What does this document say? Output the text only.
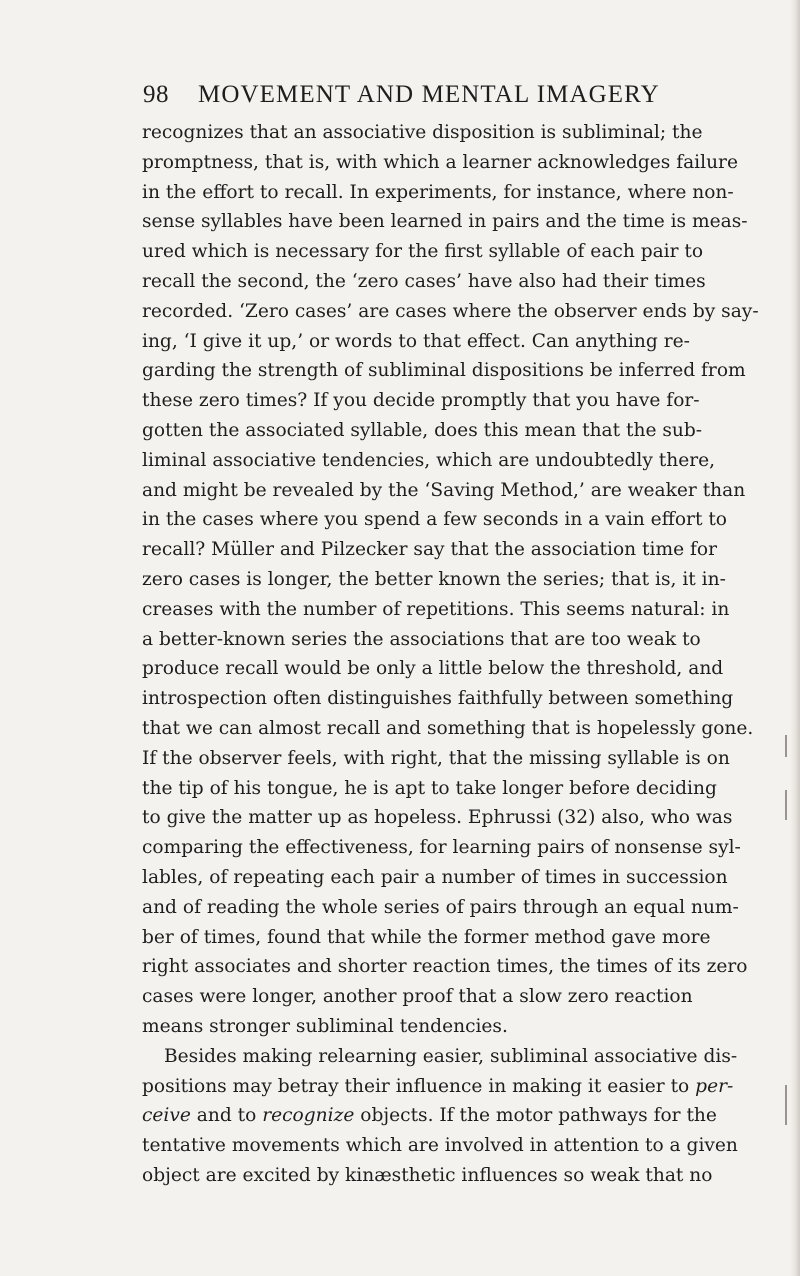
98 MOVEMENT AND MENTAL IMAGERY
recognizes that an associative disposition is subliminal; the
promptness, that is, with which a learner acknowledges failure
in the effort to recall. In experiments, for instance, where non-
sense syllables have been learned in pairs and the time is meas-
ured which is necessary for the first syllable of each pair to
recall the second, the ‘zero cases’ have also had their times
recorded. ‘Zero cases’ are cases where the observer ends by say-
ing, ‘I give it up,’ or words to that effect. Can anything re-
garding the strength of subliminal dispositions be inferred from
these zero times? If you decide promptly that you have for-
gotten the associated syllable, does this mean that the sub-
liminal associative tendencies, which are undoubtedly there,
and might be revealed by the ‘Saving Method,’ are weaker than
in the cases where you spend a few seconds in a vain effort to
recall? Müller and Pilzecker say that the association time for
zero cases is longer, the better known the series; that is, it in-
creases with the number of repetitions. This seems natural: in
a better-known series the associations that are too weak to
produce recall would be only a little below the threshold, and
introspection often distinguishes faithfully between something
that we can almost recall and something that is hopelessly gone.
If the observer feels, with right, that the missing syllable is on
the tip of his tongue, he is apt to take longer before deciding
to give the matter up as hopeless. Ephrussi (32) also, who was
comparing the effectiveness, for learning pairs of nonsense syl-
lables, of repeating each pair a number of times in succession
and of reading the whole series of pairs through an equal num-
ber of times, found that while the former method gave more
right associates and shorter reaction times, the times of its zero
cases were longer, another proof that a slow zero reaction
means stronger subliminal tendencies.
Besides making relearning easier, subliminal associative dis-
positions may betray their influence in making it easier to per-
ceive and to recognize objects. If the motor pathways for the
tentative movements which are involved in attention to a given
object are excited by kinæsthetic influences so weak that no
